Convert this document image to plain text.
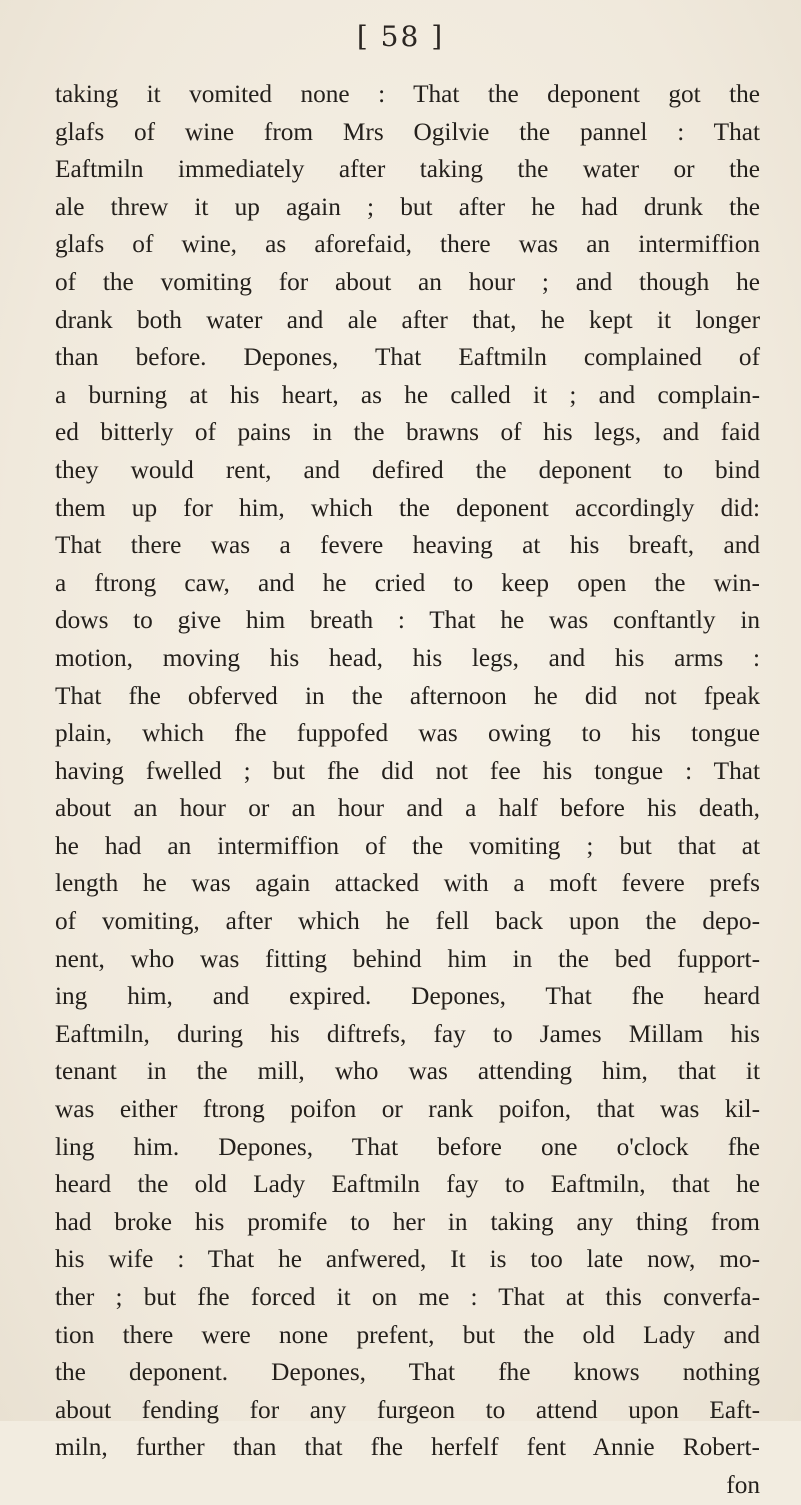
[ 58 ]
taking it vomited none : That the deponent got the
glafs of wine from Mrs Ogilvie the pannel : That
Eaftmiln immediately after taking the water or the
ale threw it up again ; but after he had drunk the
glafs of wine, as aforefaid, there was an intermiffion
of the vomiting for about an hour ; and though he
drank both water and ale after that, he kept it longer
than before. Depones, That Eaftmiln complained of
a burning at his heart, as he called it ; and complain-
ed bitterly of pains in the brawns of his legs, and faid
they would rent, and defired the deponent to bind
them up for him, which the deponent accordingly did:
That there was a fevere heaving at his breaft, and
a ftrong caw, and he cried to keep open the win-
dows to give him breath : That he was conftantly in
motion, moving his head, his legs, and his arms :
That fhe obferved in the afternoon he did not fpeak
plain, which fhe fuppofed was owing to his tongue
having fwelled ; but fhe did not fee his tongue : That
about an hour or an hour and a half before his death,
he had an intermiffion of the vomiting ; but that at
length he was again attacked with a moft fevere prefs
of vomiting, after which he fell back upon the depo-
nent, who was fitting behind him in the bed fupport-
ing him, and expired. Depones, That fhe heard
Eaftmiln, during his diftrefs, fay to James Millam his
tenant in the mill, who was attending him, that it
was either ftrong poifon or rank poifon, that was kil-
ling him. Depones, That before one o'clock fhe
heard the old Lady Eaftmiln fay to Eaftmiln, that he
had broke his promife to her in taking any thing from
his wife : That he anfwered, It is too late now, mo-
ther ; but fhe forced it on me : That at this converfa-
tion there were none prefent, but the old Lady and
the deponent. Depones, That fhe knows nothing
about fending for any furgeon to attend upon Eaft-
miln, further than that fhe herfelf fent Annie Robert-
fon
